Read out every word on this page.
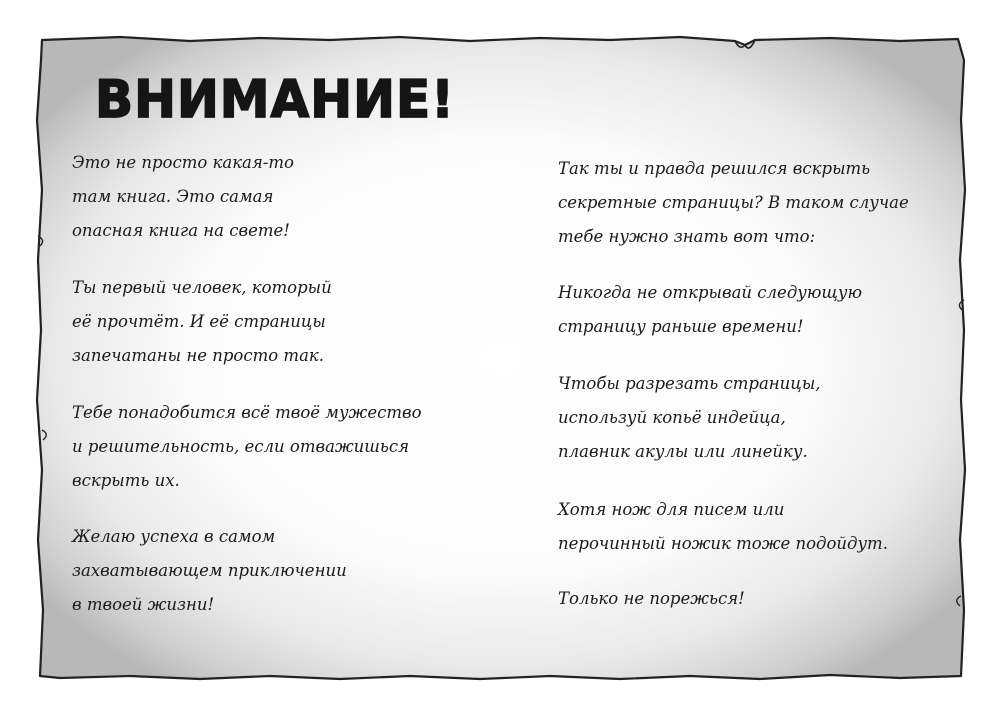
ВНИМАНИЕ!

Это не просто какая-то
там книга. Это самая
опасная книга на свете!

Ты первый человек, который
её прочтёт. И её страницы
запечатаны не просто так.

Тебе понадобится всё твоё мужество
и решительность, если отважишься
вскрыть их.

Желаю успеха в самом
захватывающем приключении
в твоей жизни!

Так ты и правда решился вскрыть
секретные страницы? В таком случае
тебе нужно знать вот что:

Никогда не открывай следующую
страницу раньше времени!

Чтобы разрезать страницы,
используй копьё индейца,
плавник акулы или линейку.

Хотя нож для писем или
перочинный ножик тоже подойдут.

Только не порежься!
